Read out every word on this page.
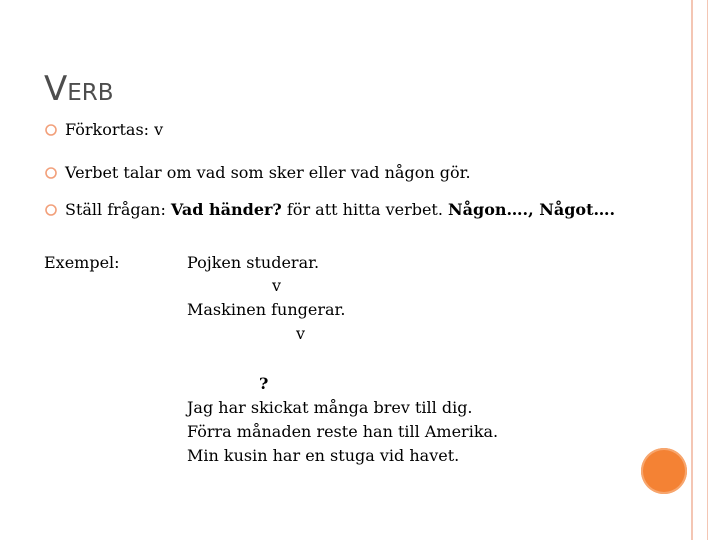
VERB
Förkortas: v
Verbet talar om vad som sker eller vad någon gör.
Ställ frågan: Vad händer? för att hitta verbet. Någon…., Något….
Exempel:	Pojken studerar.
v
Maskinen fungerar.
v
?
Jag har skickat många brev till dig.
Förra månaden reste han till Amerika.
Min kusin har en stuga vid havet.
